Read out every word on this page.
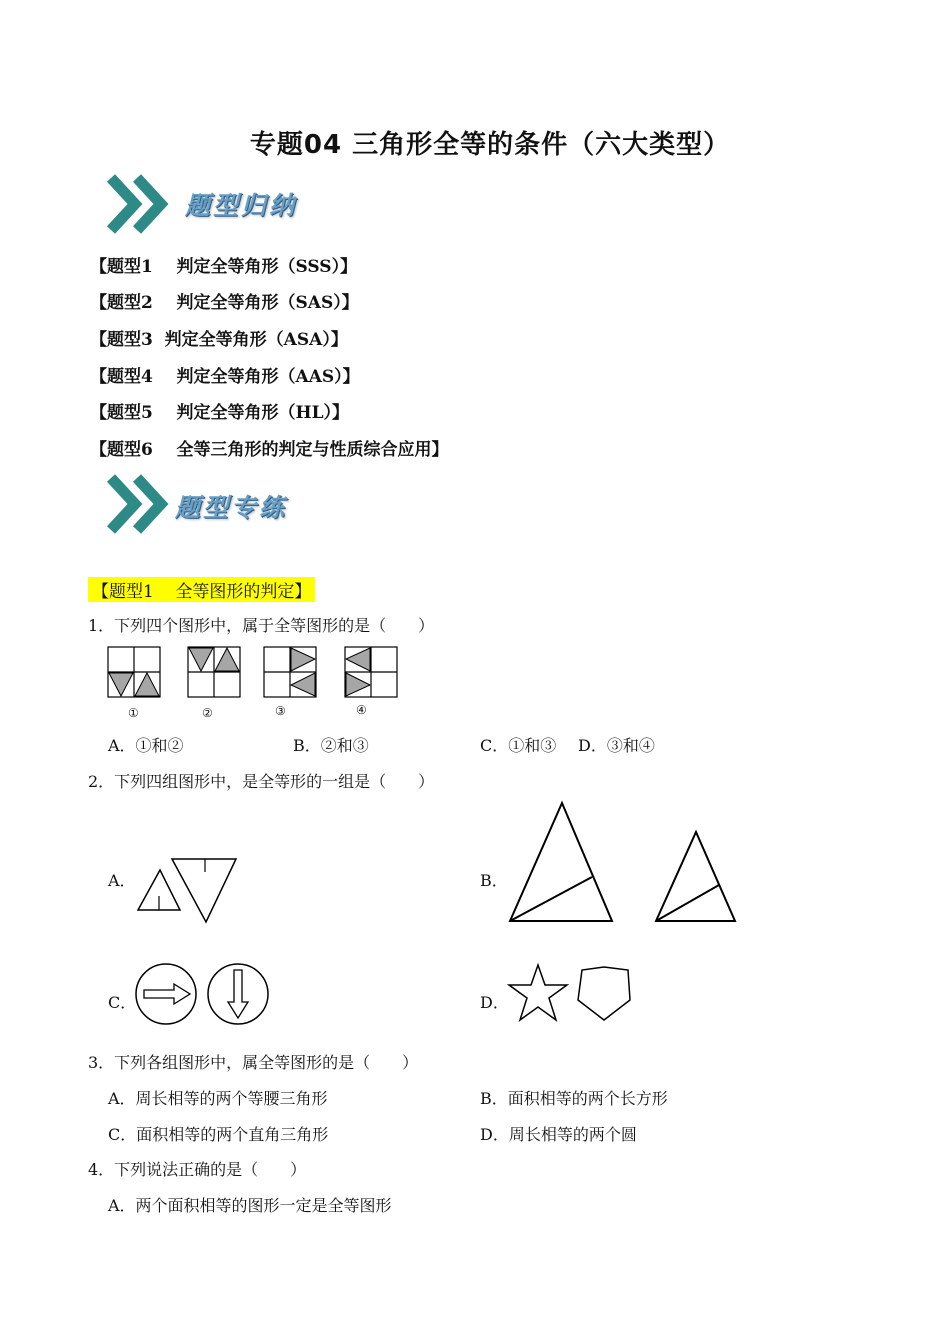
专题04 三角形全等的条件（六大类型）
题型归纳
【题型1    判定全等角形（SSS）】
【题型2    判定全等角形（SAS）】
【题型3  判定全等角形（ASA）】
【题型4    判定全等角形（AAS）】
【题型5    判定全等角形（HL）】
【题型6    全等三角形的判定与性质综合应用】
题型专练
【题型1    全等图形的判定】
1．下列四个图形中，属于全等图形的是（　　）
①	②	③	④
A．①和②	B．②和③	C．①和③ D．③和④
2．下列四组图形中，是全等形的一组是（　　）
A．	B．
C．	D．
3．下列各组图形中，属全等图形的是（　　）
A．周长相等的两个等腰三角形	B．面积相等的两个长方形
C．面积相等的两个直角三角形	D．周长相等的两个圆
4．下列说法正确的是（　　）
A．两个面积相等的图形一定是全等图形
